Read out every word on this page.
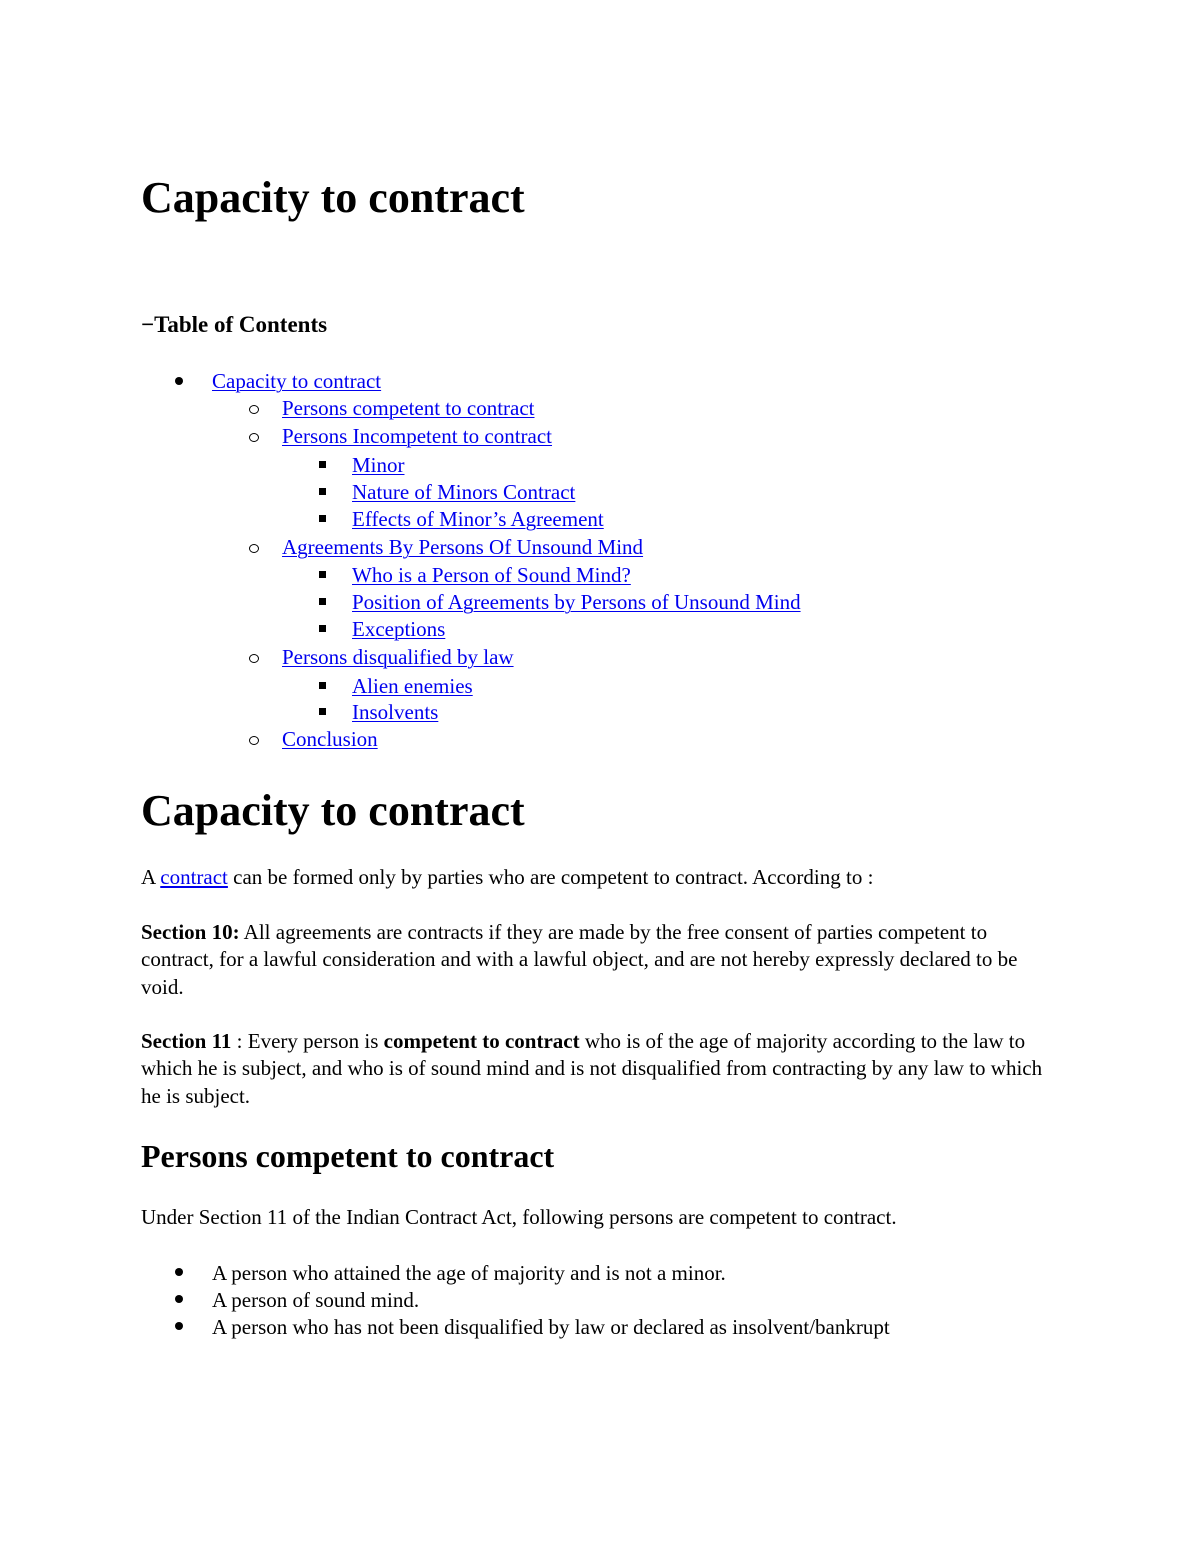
Capacity to contract
−Table of Contents
Capacity to contract
Persons competent to contract
Persons Incompetent to contract
Minor
Nature of Minors Contract
Effects of Minor’s Agreement
Agreements By Persons Of Unsound Mind
Who is a Person of Sound Mind?
Position of Agreements by Persons of Unsound Mind
Exceptions
Persons disqualified by law
Alien enemies
Insolvents
Conclusion
Capacity to contract

A contract can be formed only by parties who are competent to contract. According to :

Section 10: All agreements are contracts if they are made by the free consent of parties competent to contract, for a lawful consideration and with a lawful object, and are not hereby expressly declared to be void.

Section 11 : Every person is competent to contract who is of the age of majority according to the law to which he is subject, and who is of sound mind and is not disqualified from contracting by any law to which he is subject.

Persons competent to contract

Under Section 11 of the Indian Contract Act, following persons are competent to contract.

A person who attained the age of majority and is not a minor.
A person of sound mind.
A person who has not been disqualified by law or declared as insolvent/bankrupt
